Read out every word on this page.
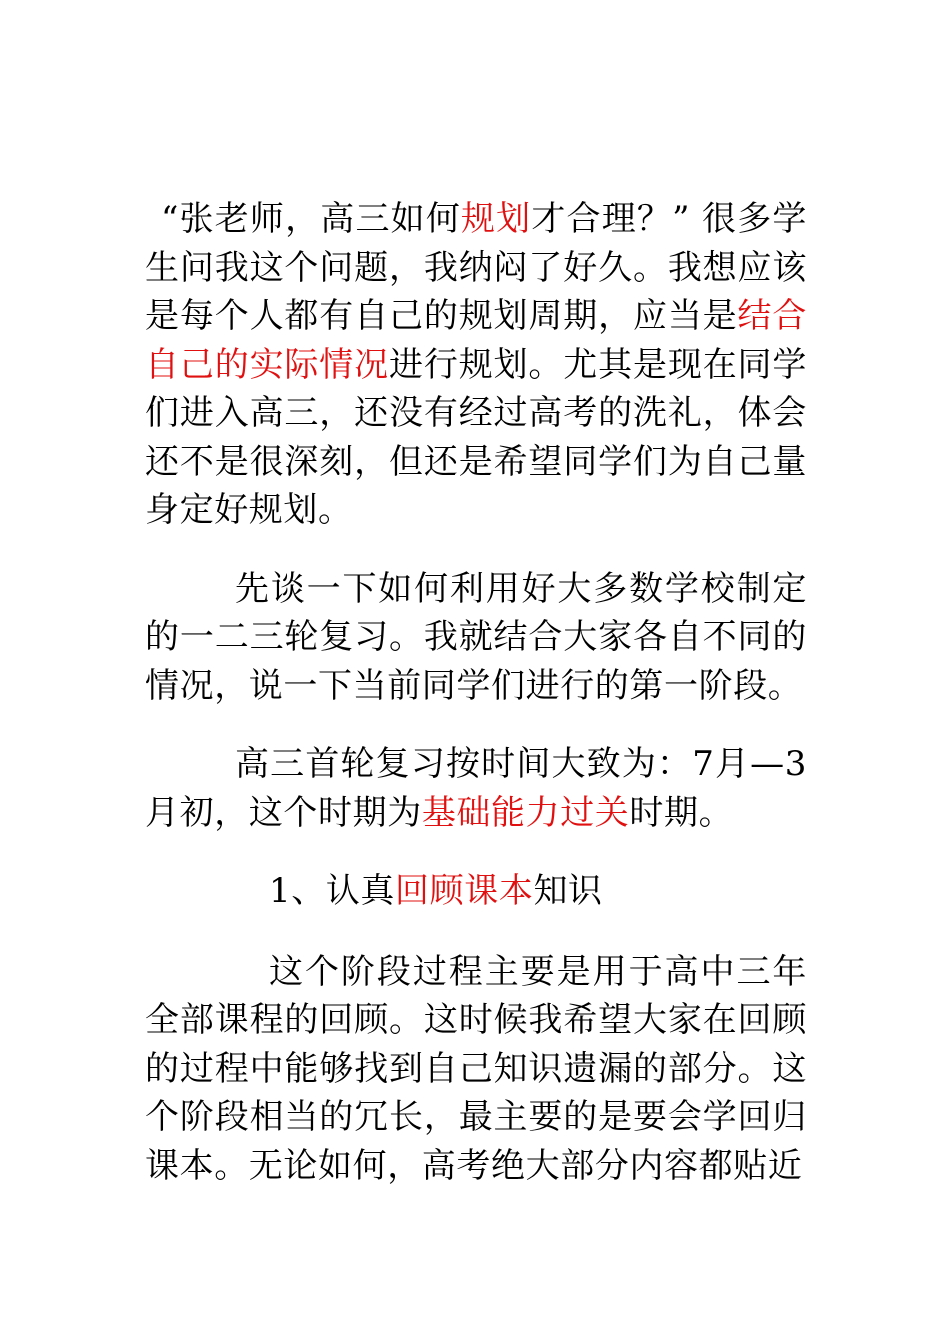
“张老师，高三如何规划才合理？” 很多学生问我这个问题，我纳闷了好久。我想应该是每个人都有自己的规划周期，应当是结合自己的实际情况进行规划。尤其是现在同学们进入高三，还没有经过高考的洗礼，体会还不是很深刻，但还是希望同学们为自己量身定好规划。

先谈一下如何利用好大多数学校制定的一二三轮复习。我就结合大家各自不同的情况，说一下当前同学们进行的第一阶段。

高三首轮复习按时间大致为：7月—3月初，这个时期为基础能力过关时期。

1、认真回顾课本知识

这个阶段过程主要是用于高中三年全部课程的回顾。这时候我希望大家在回顾的过程中能够找到自己知识遗漏的部分。这个阶段相当的冗长，最主要的是要会学回归课本。无论如何，高考绝大部分内容都贴近
